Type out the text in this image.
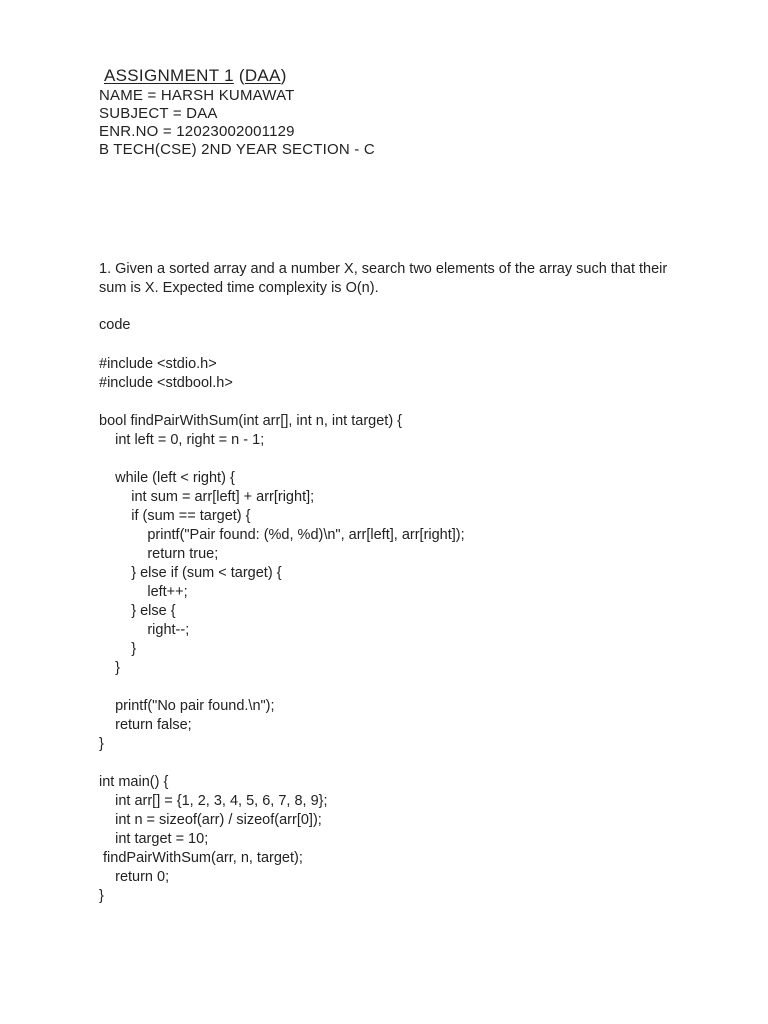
ASSIGNMENT 1 (DAA)
NAME = HARSH KUMAWAT
SUBJECT = DAA
ENR.NO = 12023002001129
B TECH(CSE) 2ND YEAR SECTION - C
1. Given a sorted array and a number X, search two elements of the array such that their sum is X. Expected time complexity is O(n).
code
#include <stdio.h>
#include <stdbool.h>
bool findPairWithSum(int arr[], int n, int target) {
int left = 0, right = n - 1;
while (left < right) {
int sum = arr[left] + arr[right];
if (sum == target) {
printf("Pair found: (%d, %d)\n", arr[left], arr[right]);
return true;
} else if (sum < target) {
left++;
} else {
right--;
}
}
printf("No pair found.\n");
return false;
}
int main() {
int arr[] = {1, 2, 3, 4, 5, 6, 7, 8, 9};
int n = sizeof(arr) / sizeof(arr[0]);
int target = 10;
findPairWithSum(arr, n, target);
return 0;
}
